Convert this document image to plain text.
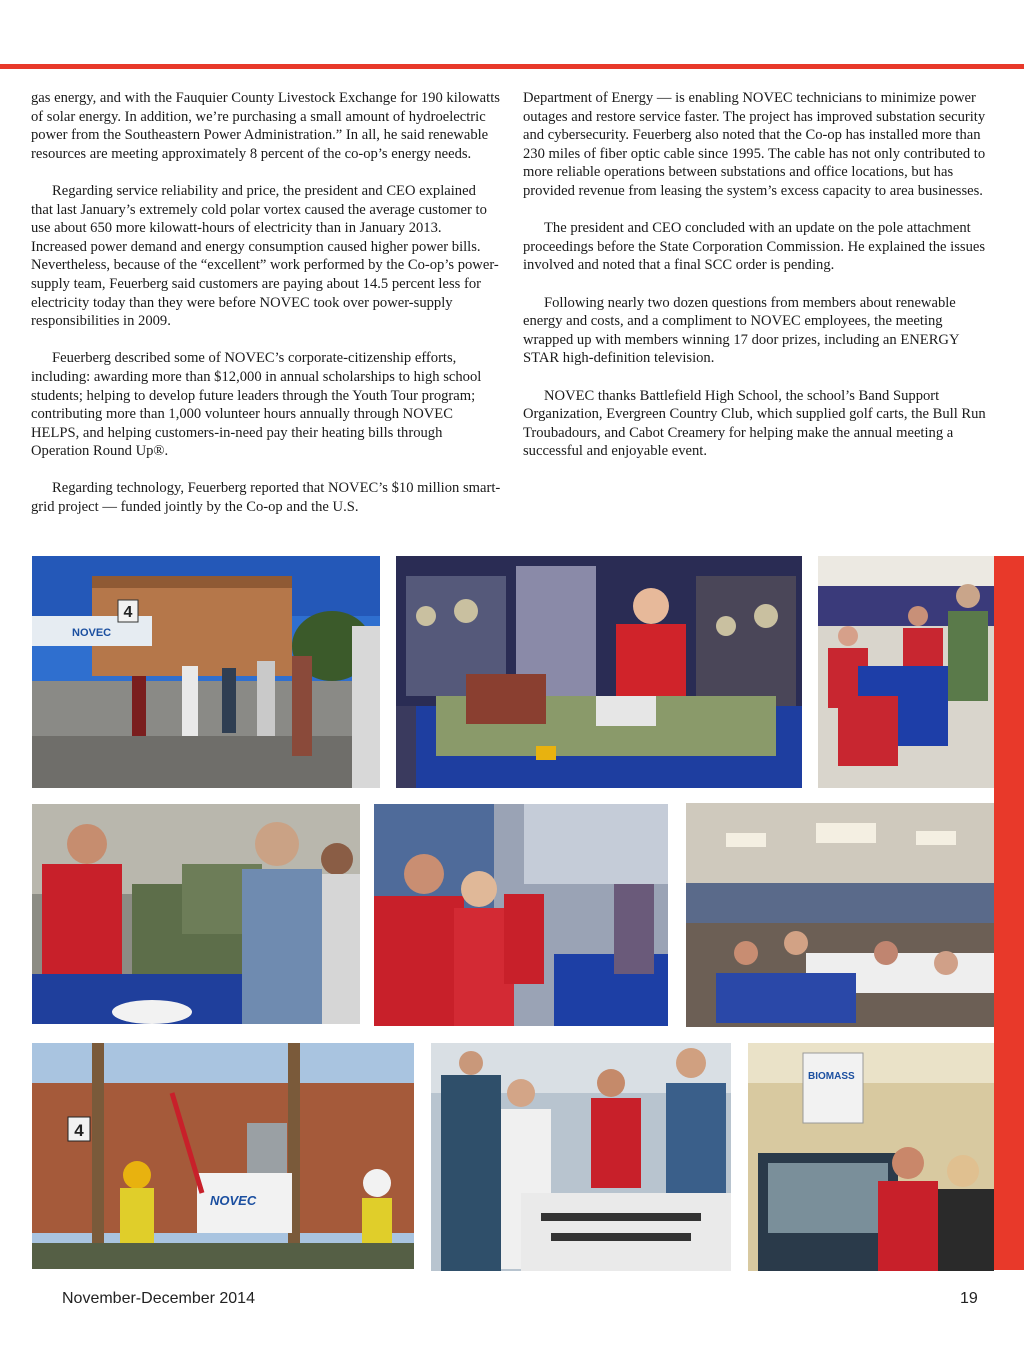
gas energy, and with the Fauquier County Livestock Exchange for 190 kilowatts of solar energy. In addition, we’re purchasing a small amount of hydroelectric power from the Southeastern Power Administration.” In all, he said renewable resources are meeting approximately 8 percent of the co-op’s energy needs.

Regarding service reliability and price, the president and CEO explained that last January’s extremely cold polar vortex caused the average customer to use about 650 more kilowatt-hours of electricity than in January 2013. Increased power demand and energy consumption caused higher power bills. Nevertheless, because of the “excellent” work performed by the Co-op’s power-supply team, Feuerberg said customers are paying about 14.5 percent less for electricity today than they were before NOVEC took over power-supply responsibilities in 2009.

Feuerberg described some of NOVEC’s corporate-citizenship efforts, including: awarding more than $12,000 in annual scholarships to high school students; helping to develop future leaders through the Youth Tour program; contributing more than 1,000 volunteer hours annually through NOVEC HELPS, and helping customers-in-need pay their heating bills through Operation Round Up®.

Regarding technology, Feuerberg reported that NOVEC’s $10 million smart-grid project — funded jointly by the Co-op and the U.S.

Department of Energy — is enabling NOVEC technicians to minimize power outages and restore service faster. The project has improved substation security and cybersecurity. Feuerberg also noted that the Co-op has installed more than 230 miles of fiber optic cable since 1995. The cable has not only contributed to more reliable operations between substations and office locations, but has provided revenue from leasing the system’s excess capacity to area businesses.

The president and CEO concluded with an update on the pole attachment proceedings before the State Corporation Commission. He explained the issues involved and noted that a final SCC order is pending.

Following nearly two dozen questions from members about renewable energy and costs, and a compliment to NOVEC employees, the meeting wrapped up with members winning 17 door prizes, including an ENERGY STAR high-definition television.

NOVEC thanks Battlefield High School, the school’s Band Support Organization, Evergreen Country Club, which supplied golf carts, the Bull Run Troubadours, and Cabot Creamery for helping make the annual meeting a successful and enjoyable event.

4
NOVEC
4
NOVEC
BIOMASS
November-December 2014	19
